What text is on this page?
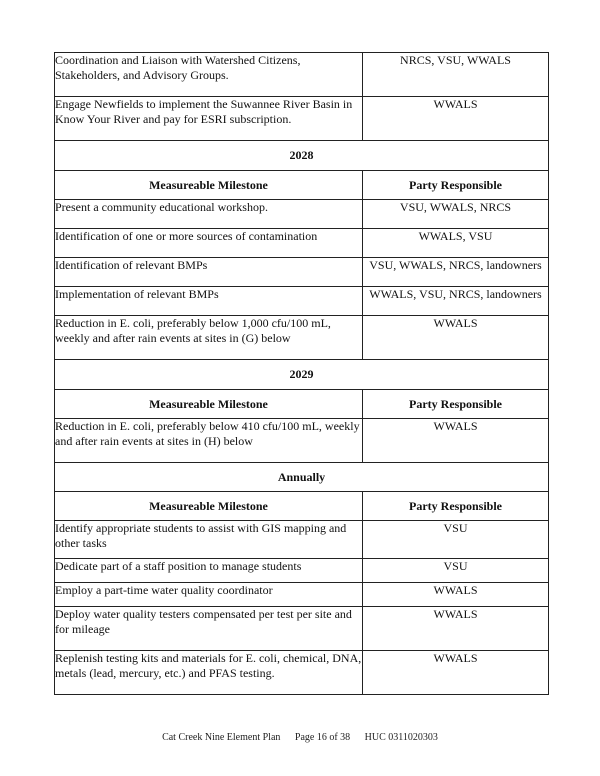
Coordination and Liaison with Watershed Citizens, Stakeholders, and Advisory Groups.	NRCS, VSU, WWALS
Engage Newfields to implement the Suwannee River Basin in Know Your River and pay for ESRI subscription.	WWALS
2028	
Measureable Milestone	Party Responsible
Present a community educational workshop.	VSU, WWALS, NRCS
Identification of one or more sources of contamination	WWALS, VSU
Identification of relevant BMPs	VSU, WWALS, NRCS, landowners
Implementation of relevant BMPs	WWALS, VSU, NRCS, landowners
Reduction in E. coli, preferably below 1,000 cfu/100 mL, weekly and after rain events at sites in (G) below	WWALS
2029	
Measureable Milestone	Party Responsible
Reduction in E. coli, preferably below 410 cfu/100 mL, weekly and after rain events at sites in (H) below	WWALS
Annually	
Measureable Milestone	Party Responsible
Identify appropriate students to assist with GIS mapping and other tasks	VSU
Dedicate part of a staff position to manage students	VSU
Employ a part-time water quality coordinator	WWALS
Deploy water quality testers compensated per test per site and for mileage	WWALS
Replenish testing kits and materials for E. coli, chemical, DNA, metals (lead, mercury, etc.) and PFAS testing.	WWALS
Cat Creek Nine Element Plan Page 16 of 38 HUC 0311020303
